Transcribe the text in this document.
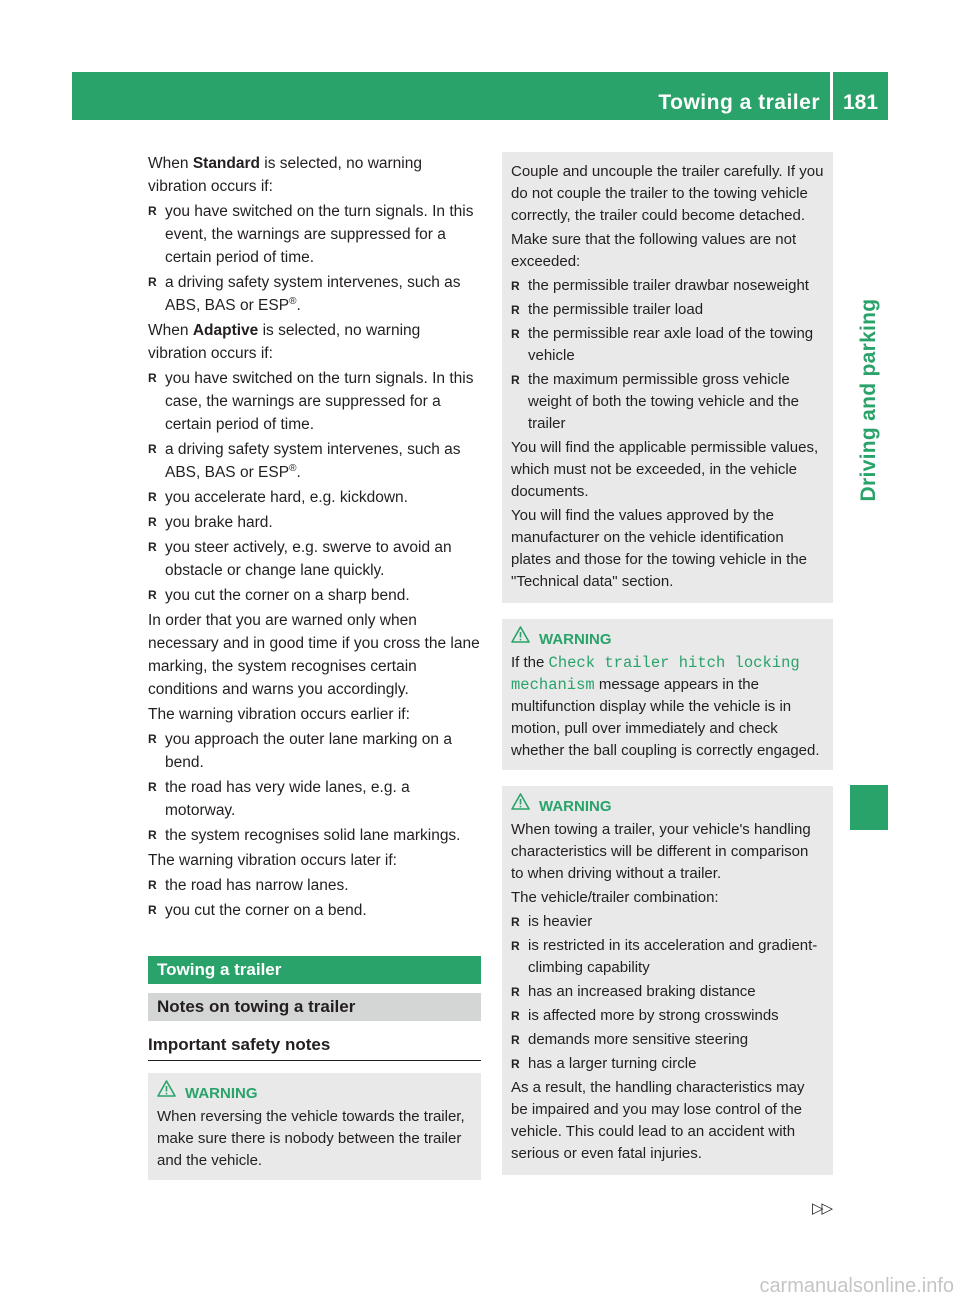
Towing a trailer	181
Driving and parking

When Standard is selected, no warning vibration occurs if:

R you have switched on the turn signals. In this event, the warnings are suppressed for a certain period of time.
R a driving safety system intervenes, such as ABS, BAS or ESP®.

When Adaptive is selected, no warning vibration occurs if:

R you have switched on the turn signals. In this case, the warnings are suppressed for a certain period of time.
R a driving safety system intervenes, such as ABS, BAS or ESP®.
R you accelerate hard, e.g. kickdown.
R you brake hard.
R you steer actively, e.g. swerve to avoid an obstacle or change lane quickly.
R you cut the corner on a sharp bend.

In order that you are warned only when necessary and in good time if you cross the lane marking, the system recognises certain conditions and warns you accordingly.

The warning vibration occurs earlier if:

R you approach the outer lane marking on a bend.
R the road has very wide lanes, e.g. a motorway.
R the system recognises solid lane markings.

The warning vibration occurs later if:

R the road has narrow lanes.
R you cut the corner on a bend.
Towing a trailer
Notes on towing a trailer
Important safety notes
WARNING
When reversing the vehicle towards the trailer, make sure there is nobody between the trailer and the vehicle.

Couple and uncouple the trailer carefully. If you do not couple the trailer to the towing vehicle correctly, the trailer could become detached.

Make sure that the following values are not exceeded:

R the permissible trailer drawbar noseweight
R the permissible trailer load
R the permissible rear axle load of the towing vehicle
R the maximum permissible gross vehicle weight of both the towing vehicle and the trailer

You will find the applicable permissible values, which must not be exceeded, in the vehicle documents.

You will find the values approved by the manufacturer on the vehicle identification plates and those for the towing vehicle in the "Technical data" section.

WARNING
If the Check trailer hitch locking mechanism message appears in the multifunction display while the vehicle is in motion, pull over immediately and check whether the ball coupling is correctly engaged.
WARNING

When towing a trailer, your vehicle's handling characteristics will be different in comparison to when driving without a trailer.

The vehicle/trailer combination:

R is heavier
R is restricted in its acceleration and gradient-climbing capability
R has an increased braking distance
R is affected more by strong crosswinds
R demands more sensitive steering
R has a larger turning circle

As a result, the handling characteristics may be impaired and you may lose control of the vehicle. This could lead to an accident with serious or even fatal injuries.

▷▷
carmanualsonline.info
